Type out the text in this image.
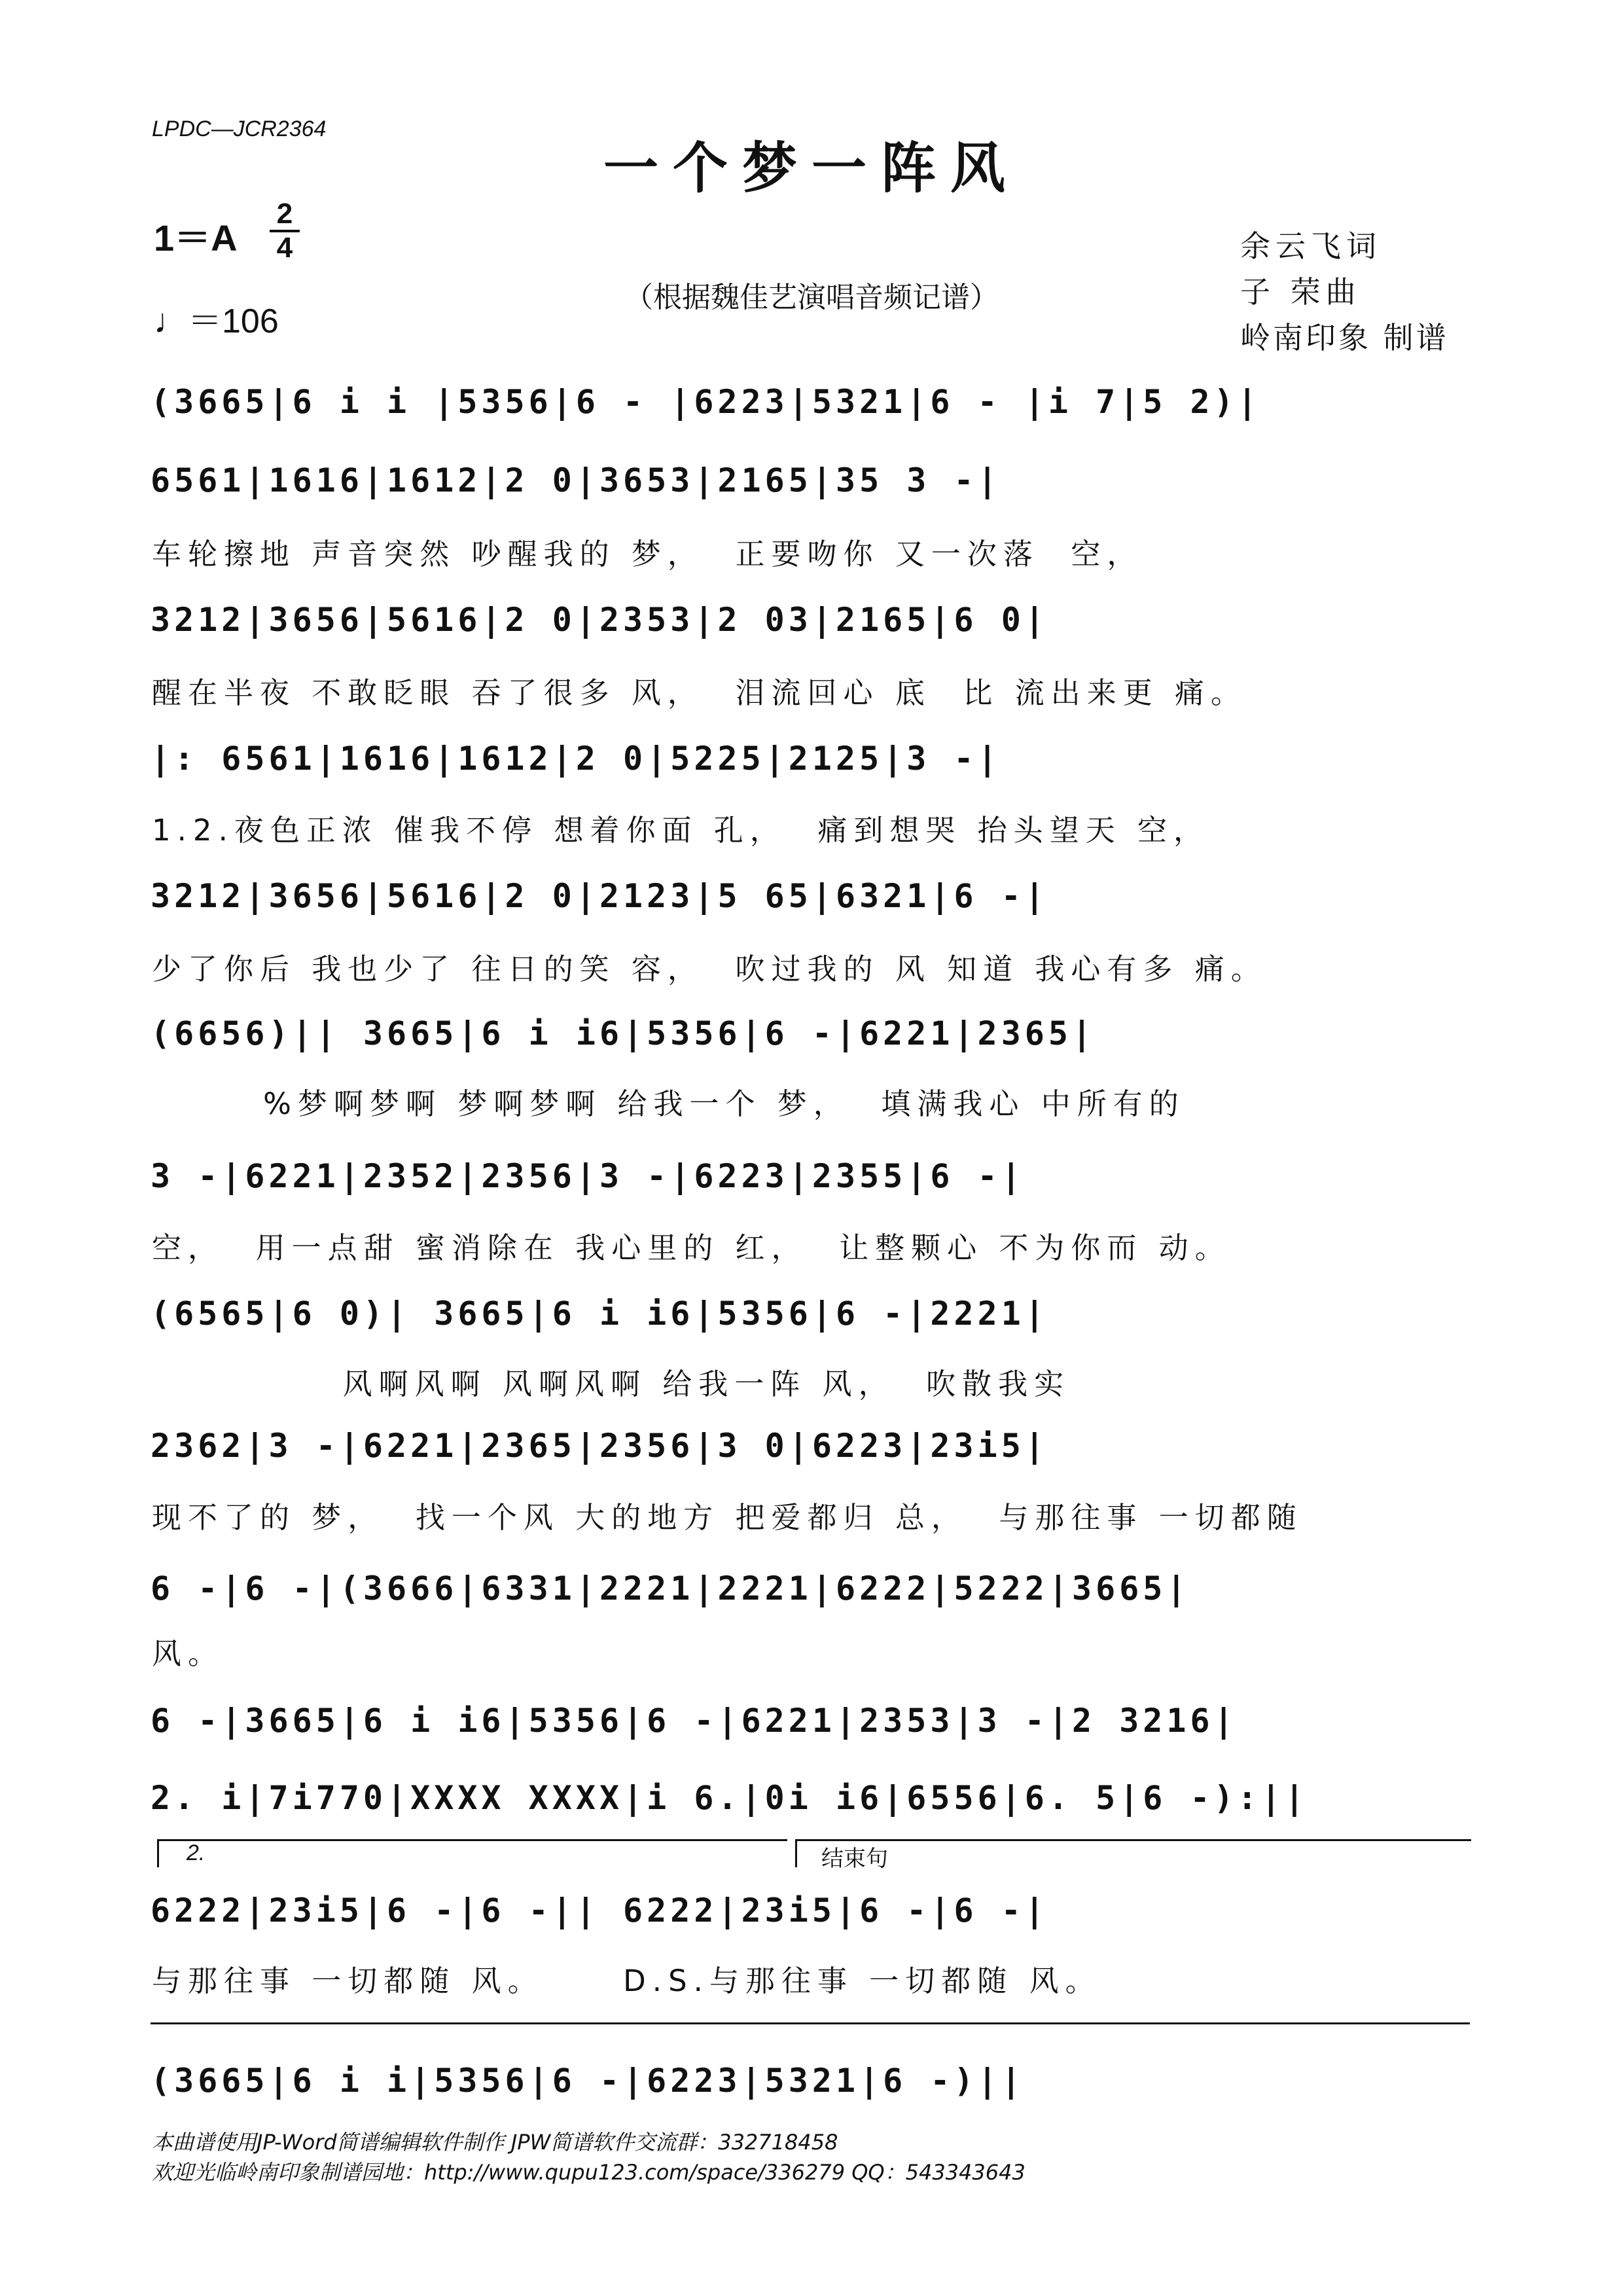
LPDC—JCR2364
一个梦一阵风
1＝A
2
4
♩＝106
（根据魏佳艺演唱音频记谱）
余云飞词
子 荣曲
岭南印象 制谱
(3665|6 i i |5356|6 - |6223|5321|6 - |i 7|5 2)|
6561|1616|1612|2 0|3653|2165|35 3 -|
车轮擦地 声音突然 吵醒我的 梦，  正要吻你 又一次落  空，
3212|3656|5616|2 0|2353|2 03|2165|6 0|
醒在半夜 不敢眨眼 吞了很多 风，  泪流回心 底  比 流出来更 痛。
|: 6561|1616|1612|2 0|5225|2125|3 -|
1.2.夜色正浓 催我不停 想着你面 孔，  痛到想哭 抬头望天 空，
3212|3656|5616|2 0|2123|5 65|6321|6 -|
少了你后 我也少了 往日的笑 容，  吹过我的 风 知道 我心有多 痛。
(6656)|| 3665|6 i i6|5356|6 -|6221|2365|
%梦啊梦啊 梦啊梦啊 给我一个 梦，  填满我心 中所有的
3 -|6221|2352|2356|3 -|6223|2355|6 -|
空，  用一点甜 蜜消除在 我心里的 红，  让整颗心 不为你而 动。
(6565|6 0)| 3665|6 i i6|5356|6 -|2221|
风啊风啊 风啊风啊 给我一阵 风，  吹散我实
2362|3 -|6221|2365|2356|3 0|6223|23i5|
现不了的 梦，  找一个风 大的地方 把爱都归 总，  与那往事 一切都随
6 -|6 -|(3666|6331|2221|2221|6222|5222|3665|
风。
6 -|3665|6 i i6|5356|6 -|6221|2353|3 -|2 3216|
2. i|7i770|XXXX XXXX|i 6.|0i i6|6556|6. 5|6 -):||
2.	结束句
6222|23i5|6 -|6 -|| 6222|23i5|6 -|6 -|
与那往事 一切都随 风。     D.S.与那往事 一切都随 风。
(3665|6 i i|5356|6 -|6223|5321|6 -)||
本曲谱使用JP-Word简谱编辑软件制作 JPW简谱软件交流群：332718458
欢迎光临岭南印象制谱园地：http://www.qupu123.com/space/336279 QQ：543343643
